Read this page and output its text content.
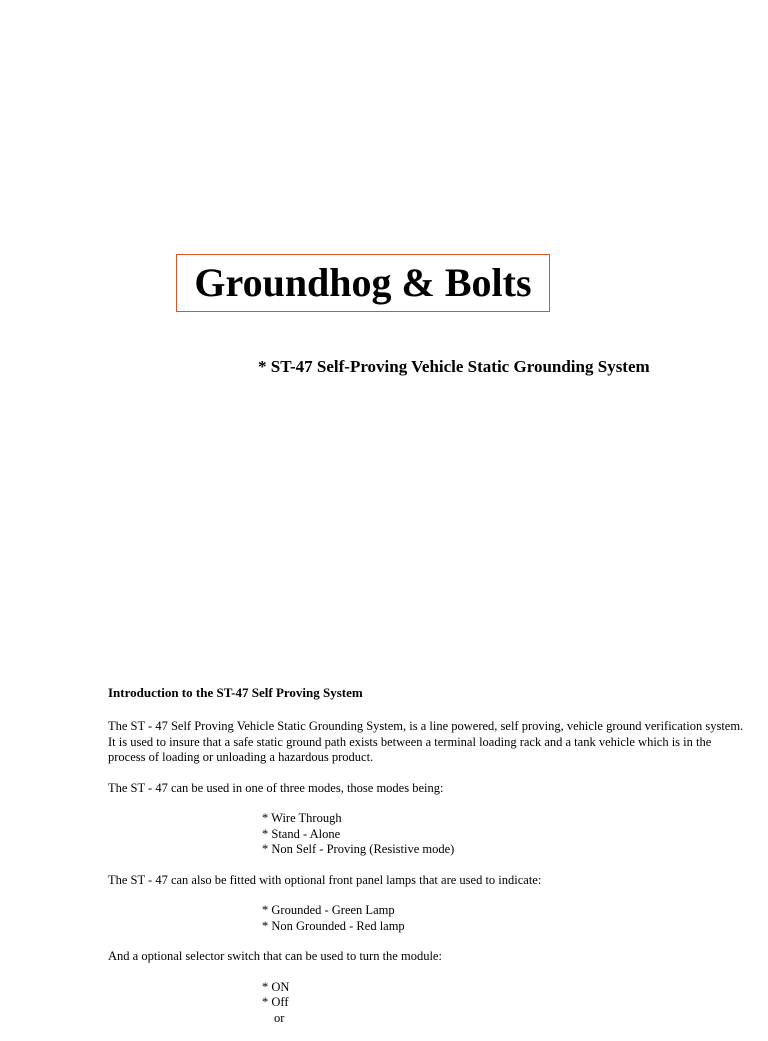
Groundhog & Bolts
* ST-47 Self-Proving Vehicle Static Grounding System
Introduction to the ST-47 Self Proving System

The ST - 47 Self Proving Vehicle Static Grounding System, is a line powered, self proving, vehicle ground verification system. It is used to insure that a safe static ground path exists between a terminal loading rack and a tank vehicle which is in the process of loading or unloading a hazardous product.

The ST - 47 can be used in one of three modes, those modes being:

* Wire Through
* Stand - Alone
* Non Self - Proving (Resistive mode)

The ST - 47 can also be fitted with optional front panel lamps that are used to indicate:

* Grounded - Green Lamp
* Non Grounded - Red lamp

And a optional selector switch that can be used to turn the module:

* ON
* Off
or
